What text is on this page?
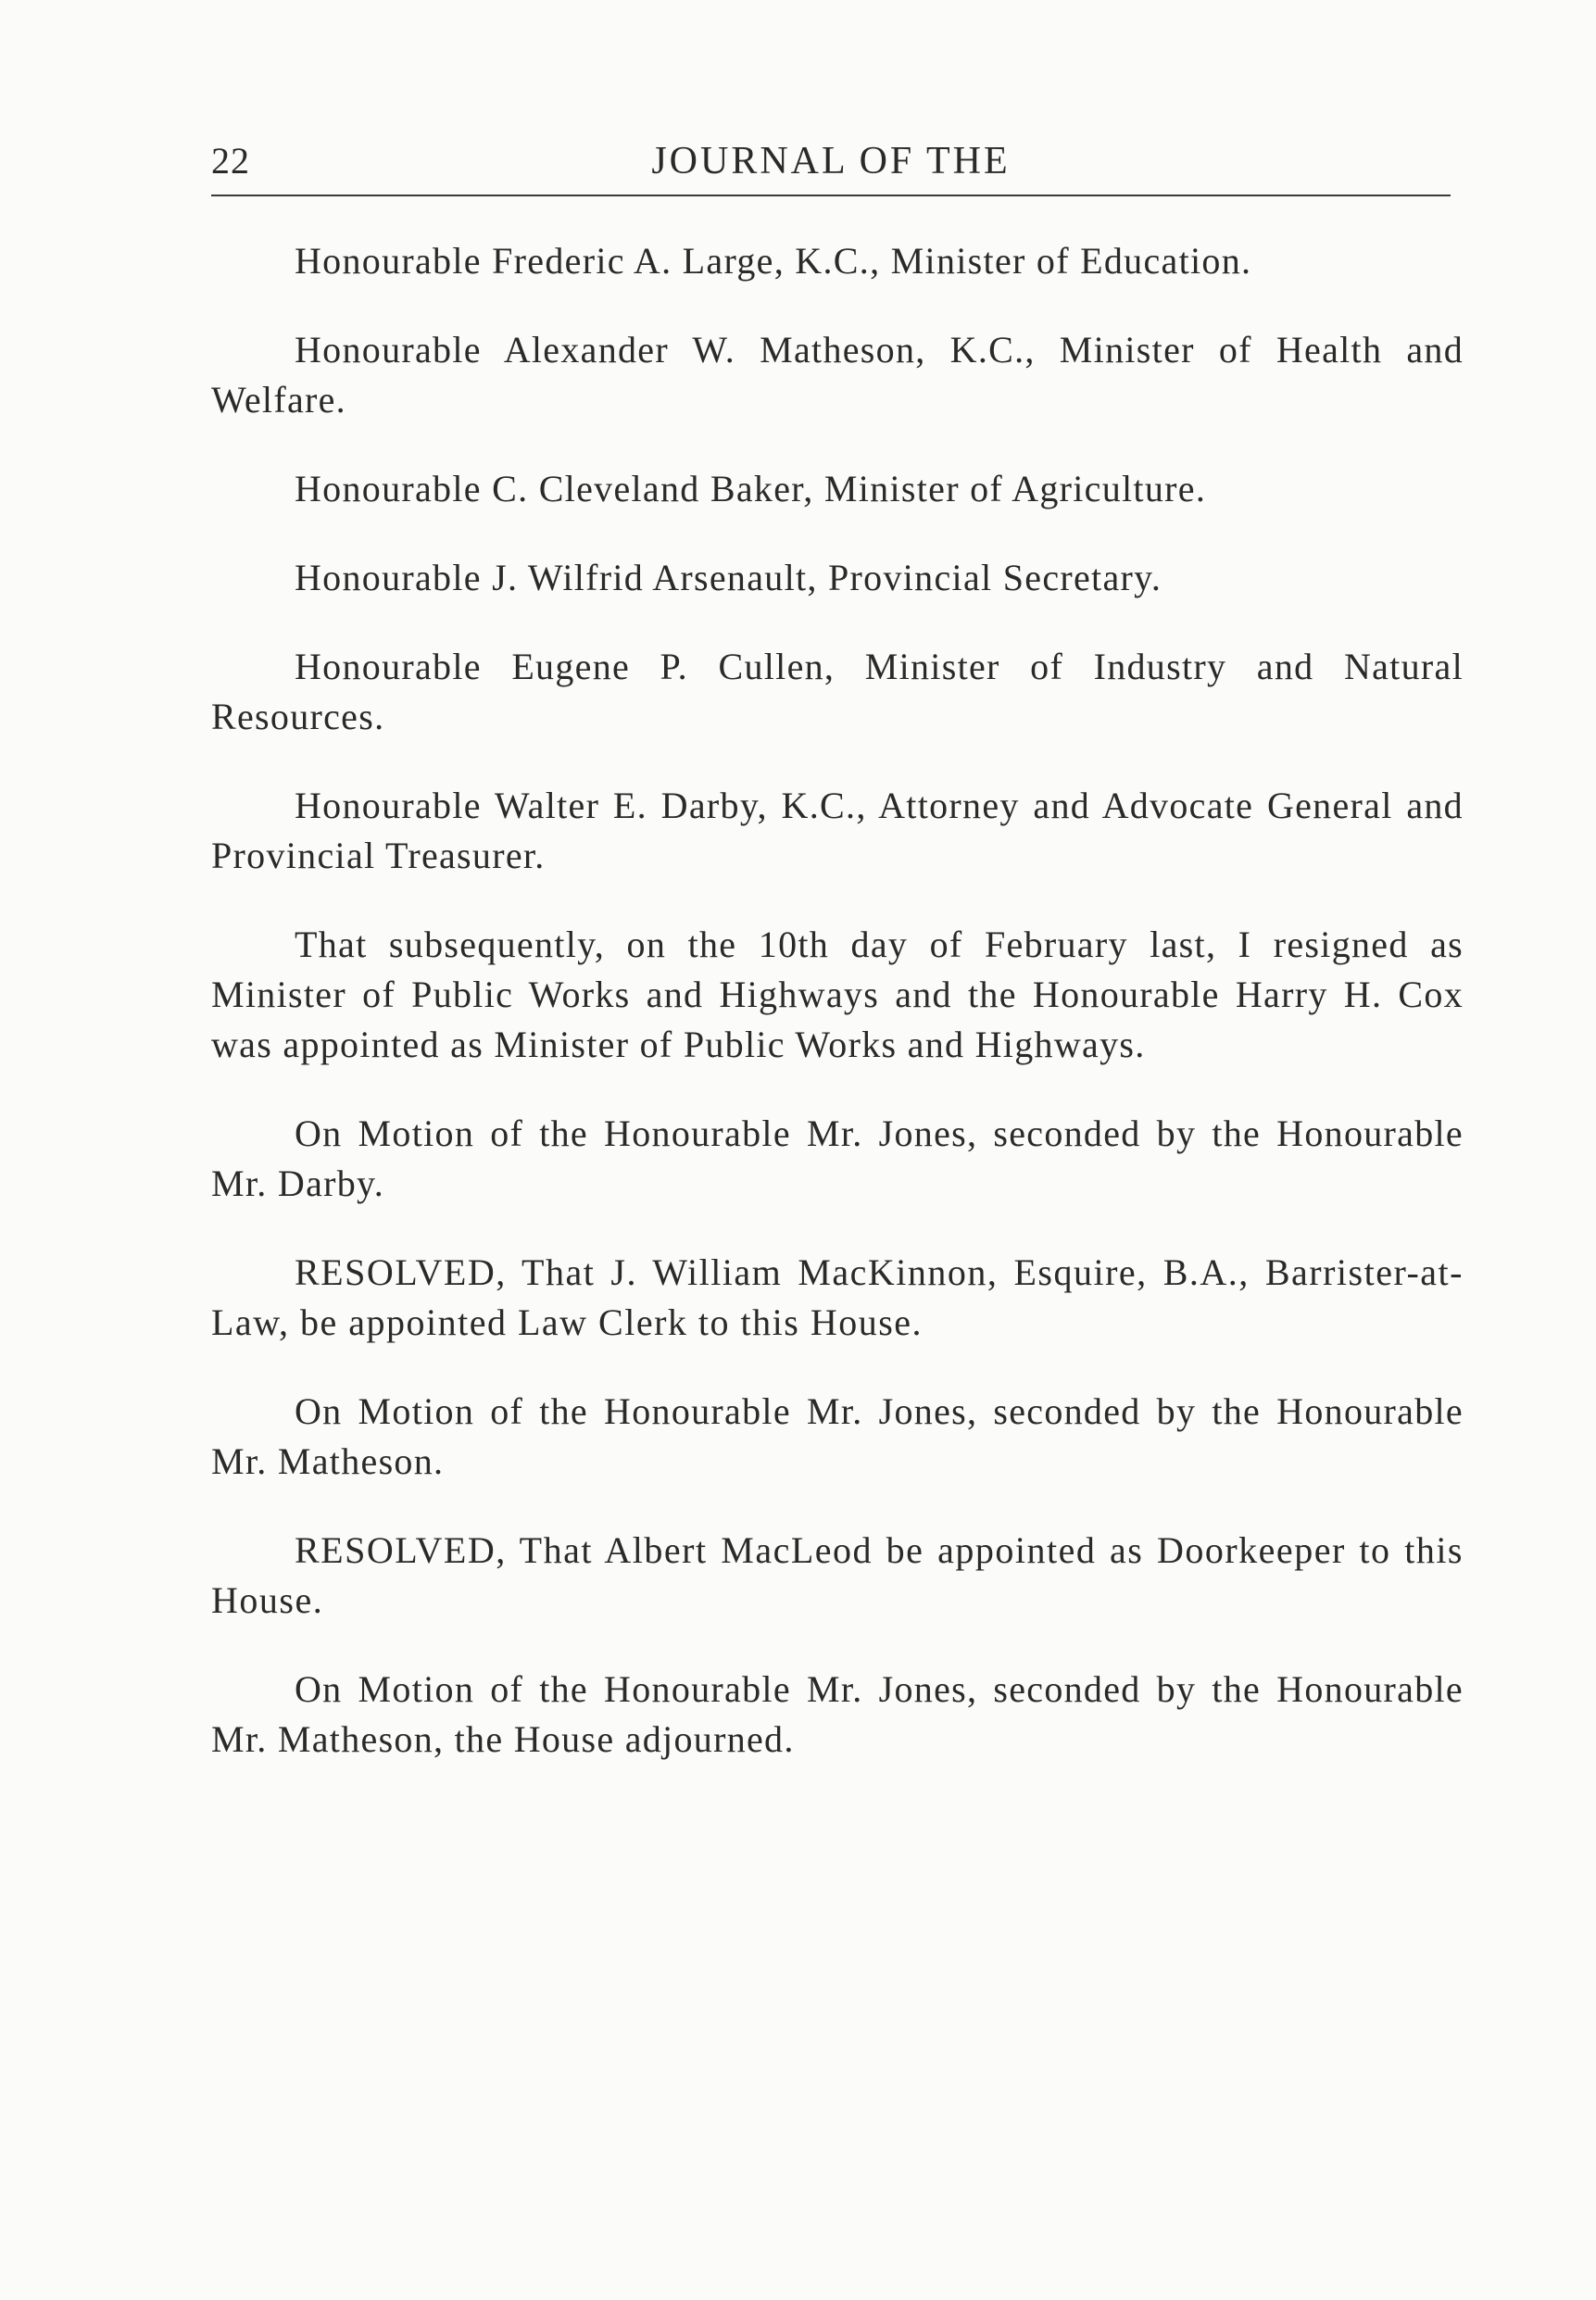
22	JOURNAL OF THE

Honourable Frederic A. Large, K.C., Minister of Education.

Honourable Alexander W. Matheson, K.C., Minister of Health and Welfare.

Honourable C. Cleveland Baker, Minister of Agriculture.

Honourable J. Wilfrid Arsenault, Provincial Secretary.

Honourable Eugene P. Cullen, Minister of Industry and Natural Resources.

Honourable Walter E. Darby, K.C., Attorney and Advocate General and Provincial Treasurer.

That subsequently, on the 10th day of February last, I resigned as Minister of Public Works and Highways and the Honourable Harry H. Cox was appointed as Minister of Public Works and Highways.

On Motion of the Honourable Mr. Jones, seconded by the Honourable Mr. Darby.

RESOLVED, That J. William MacKinnon, Esquire, B.A., Barrister-at-Law, be appointed Law Clerk to this House.

On Motion of the Honourable Mr. Jones, seconded by the Honourable Mr. Matheson.

RESOLVED, That Albert MacLeod be appointed as Doorkeeper to this House.

On Motion of the Honourable Mr. Jones, seconded by the Honourable Mr. Matheson, the House adjourned.
